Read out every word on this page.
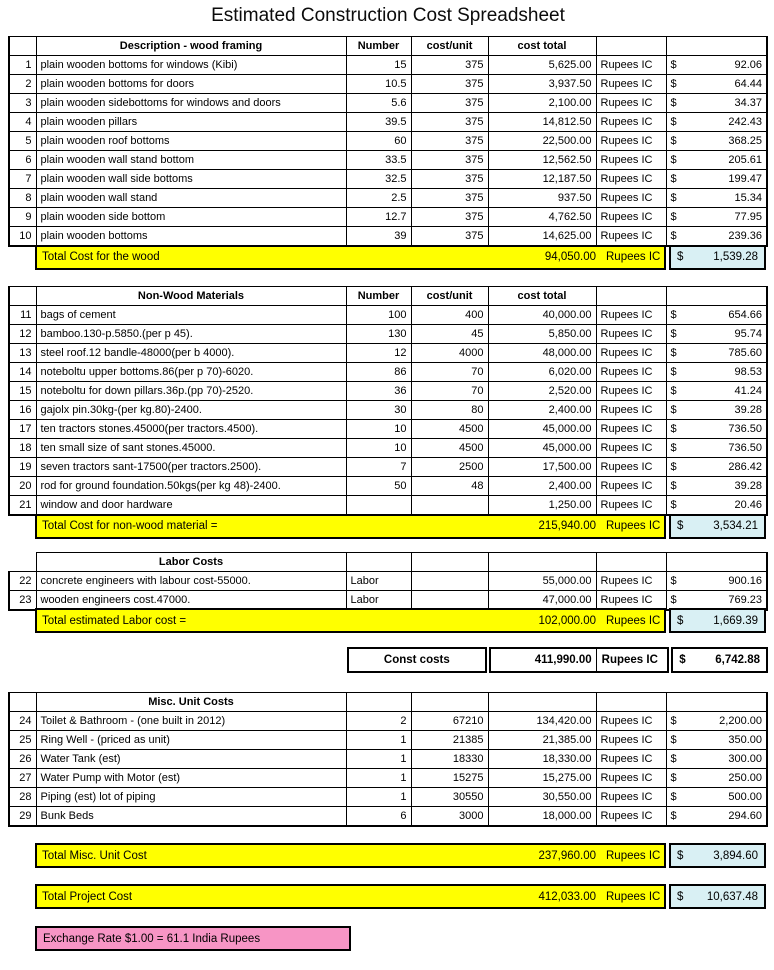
Estimated Construction Cost Spreadsheet
	Description - wood framing	Number	cost/unit	cost total		
1	plain wooden bottoms for windows (Kibi)	15	375	5,625.00	Rupees IC	$ 92.06

2	plain wooden bottoms for doors	10.5	375	3,937.50	Rupees IC	$ 64.44

3	plain wooden sidebottoms for windows and doors	5.6	375	2,100.00	Rupees IC	$ 34.37

4	plain wooden pillars	39.5	375	14,812.50	Rupees IC	$ 242.43

5	plain wooden roof bottoms	60	375	22,500.00	Rupees IC	$ 368.25

6	plain wooden wall stand bottom	33.5	375	12,562.50	Rupees IC	$ 205.61

7	plain wooden wall side bottoms	32.5	375	12,187.50	Rupees IC	$ 199.47

8	plain wooden wall stand	2.5	375	937.50	Rupees IC	$ 15.34

9	plain wooden side bottom	12.7	375	4,762.50	Rupees IC	$ 77.95

10	plain wooden bottoms	39	375	14,625.00	Rupees IC	$ 239.36
Total Cost for the wood	94,050.00 Rupees IC	$	1,539.28
	Non-Wood Materials	Number	cost/unit	cost total		
11	bags of cement	100	400	40,000.00	Rupees IC	$ 654.66

12	bamboo.130-p.5850.(per p 45).	130	45	5,850.00	Rupees IC	$ 95.74

13	steel roof.12 bandle-48000(per b 4000).	12	4000	48,000.00	Rupees IC	$ 785.60

14	noteboltu upper bottoms.86(per p 70)-6020.	86	70	6,020.00	Rupees IC	$ 98.53

15	noteboltu for down pillars.36p.(pp 70)-2520.	36	70	2,520.00	Rupees IC	$ 41.24

16	gajolx pin.30kg-(per kg.80)-2400.	30	80	2,400.00	Rupees IC	$ 39.28

17	ten tractors stones.45000(per tractors.4500).	10	4500	45,000.00	Rupees IC	$ 736.50

18	ten small size of sant stones.45000.	10	4500	45,000.00	Rupees IC	$ 736.50

19	seven tractors sant-17500(per tractors.2500).	7	2500	17,500.00	Rupees IC	$ 286.42

20	rod for ground foundation.50kgs(per kg 48)-2400.	50	48	2,400.00	Rupees IC	$ 39.28

21	window and door hardware			1,250.00	Rupees IC	$ 20.46
Total Cost for non-wood material =	215,940.00 Rupees IC	$	3,534.21
	Labor Costs					
22	concrete engineers with labour cost-55000.	Labor		55,000.00	Rupees IC	$ 900.16

23	wooden engineers cost.47000.	Labor		47,000.00	Rupees IC	$ 769.23
Total estimated Labor cost =	102,000.00 Rupees IC	$	1,669.39
Const costs	411,990.00 Rupees IC	$	6,742.88
	Misc. Unit Costs					
24	Toilet & Bathroom - (one built in 2012)	2	67210	134,420.00	Rupees IC	$ 2,200.00

25	Ring Well - (priced as unit)	1	21385	21,385.00	Rupees IC	$ 350.00

26	Water Tank (est)	1	18330	18,330.00	Rupees IC	$ 300.00

27	Water Pump with Motor (est)	1	15275	15,275.00	Rupees IC	$ 250.00

28	Piping (est) lot of piping	1	30550	30,550.00	Rupees IC	$ 500.00

29	Bunk Beds	6	3000	18,000.00	Rupees IC	$ 294.60
Total Misc. Unit Cost	237,960.00 Rupees IC	$	3,894.60
Total Project Cost	412,033.00 Rupees IC	$ 10,637.48
Exchange Rate $1.00 = 61.1 India Rupees
